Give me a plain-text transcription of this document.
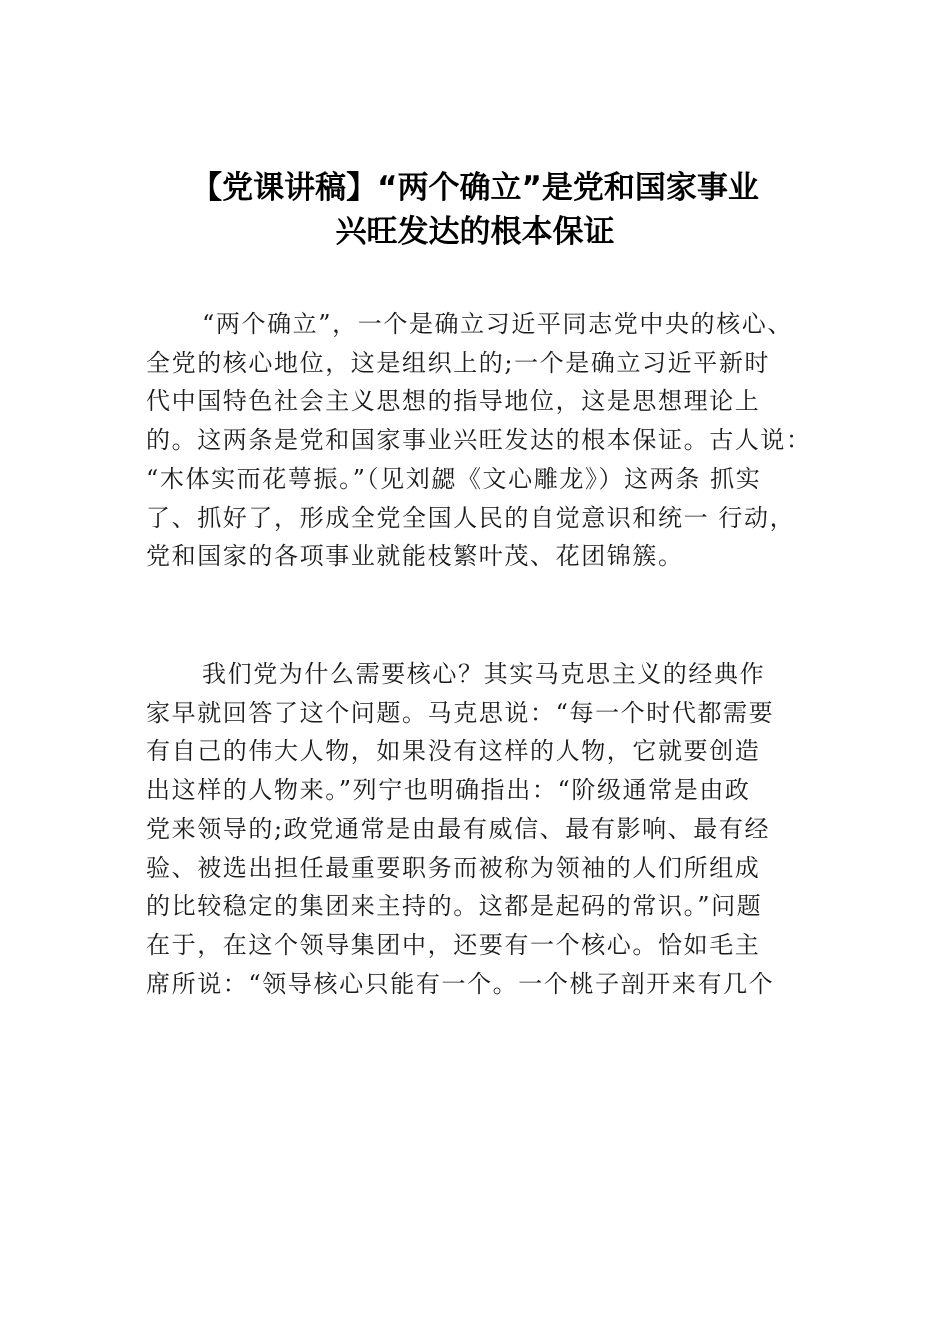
【党课讲稿】“两个确立”是党和国家事业
兴旺发达的根本保证
“两个确立”，一个是确立习近平同志党中央的核心、
全党的核心地位，这是组织上的;一个是确立习近平新时
代中国特色社会主义思想的指导地位，这是思想理论上
的。这两条是党和国家事业兴旺发达的根本保证。古人说：
“木体实而花萼振。”（见刘勰《文心雕龙》）这两条 抓实
了、抓好了，形成全党全国人民的自觉意识和统一 行动，
党和国家的各项事业就能枝繁叶茂、花团锦簇。
我们党为什么需要核心？其实马克思主义的经典作
家早就回答了这个问题。马克思说：“每一个时代都需要
有自己的伟大人物，如果没有这样的人物，它就要创造
出这样的人物来。”列宁也明确指出：“阶级通常是由政
党来领导的;政党通常是由最有威信、最有影响、最有经
验、被选出担任最重要职务而被称为领袖的人们所组成
的比较稳定的集团来主持的。这都是起码的常识。”问题
在于，在这个领导集团中，还要有一个核心。恰如毛主
席所说：“领导核心只能有一个。一个桃子剖开来有几个
